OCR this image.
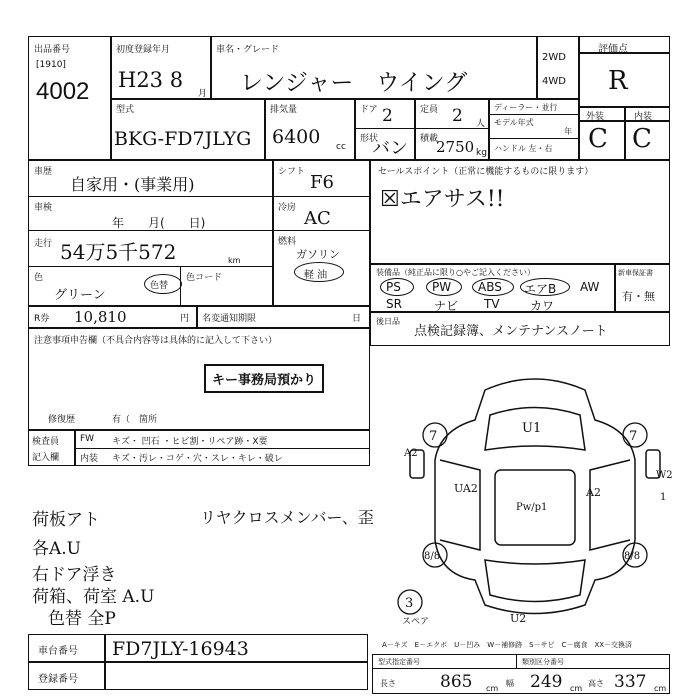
出品番号
[1910]
4002
初度登録年月
H23 8
月
車名・グレード
レンジャー　ウイング
2WD
4WD
評価点
R
型式
BKG-FD7JLYG
排気量
6400 cc
ドア 2
形状
バン
定員 2 人
積載
2750 kg
ディーラー・並行
モデル年式
年
ハンドル 左・右
外装	内装
C C
車歴
自家用・(事業用)
車検
年　　月(　　日)
走行 54万5千572	km
色
グリーン
色替
色コード
シフト F6
冷房 AC
燃料
ガソリン
軽 油
R券 10,810	円 名変通知期限	日
セールスポイント（正常に機能するものに限ります）
☒エアサス!!
装備品（純正品に限り○やご記入ください）	新車保証書
有・無
PS	PW ABS エアB AW
SR	ナビ TV	カワ
後日品
点検記録簿、メンテナンスノート
注意事項申告欄（不具合内容等は具体的に記入して下さい）
キー事務局預かり
修復歴	有（　箇所
検査員
記入欄
FW キズ・ 凹石 ・ヒビ割・リペア跡・X要
内装 キズ・汚レ・コゲ・穴・スレ・キレ・破レ
荷板アト	リヤクロスメンバー、歪
各A.U
右ドア浮き
荷箱、荷室 A.U
色替 全P
7
U1
7
A2
UA2	A2
Pw/p1
8/8	8/8
3
U2
W2
1
スペア
車台番号 FD7JLY-16943
登録番号
A－キズ　E－エクボ　U－凹み　W－補修跡　S－サビ　C－腐食　XX－交換済
型式指定番号	類別区分番号
長さ	865 cm
幅 249 cm
高さ 337 cm
